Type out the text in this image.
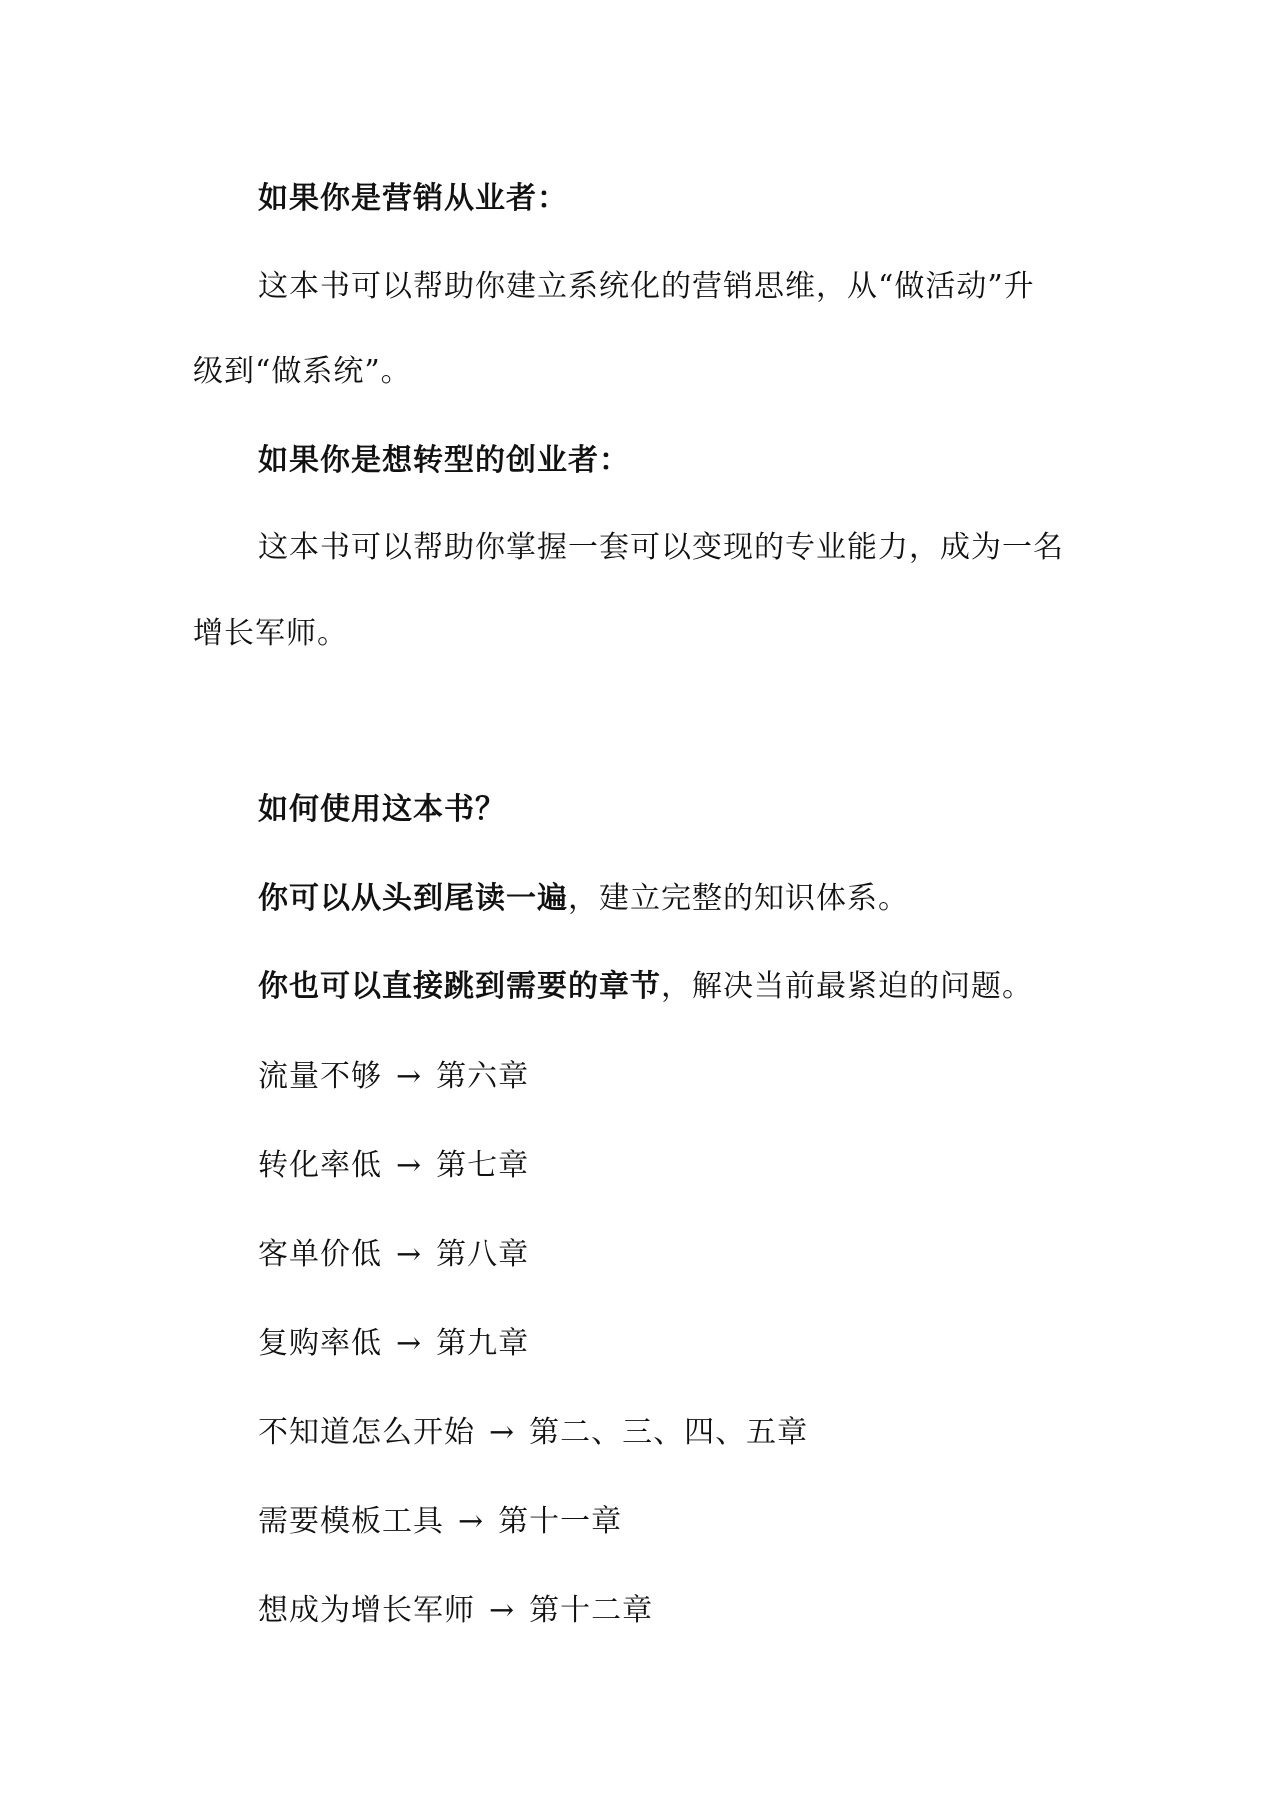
如果你是营销从业者：
这本书可以帮助你建立系统化的营销思维，从“做活动”升
级到“做系统”。
如果你是想转型的创业者：
这本书可以帮助你掌握一套可以变现的专业能力，成为一名
增长军师。
如何使用这本书？
你可以从头到尾读一遍，建立完整的知识体系。
你也可以直接跳到需要的章节，解决当前最紧迫的问题。
流量不够 → 第六章
转化率低 → 第七章
客单价低 → 第八章
复购率低 → 第九章
不知道怎么开始 → 第二、三、四、五章
需要模板工具 → 第十一章
想成为增长军师 → 第十二章
